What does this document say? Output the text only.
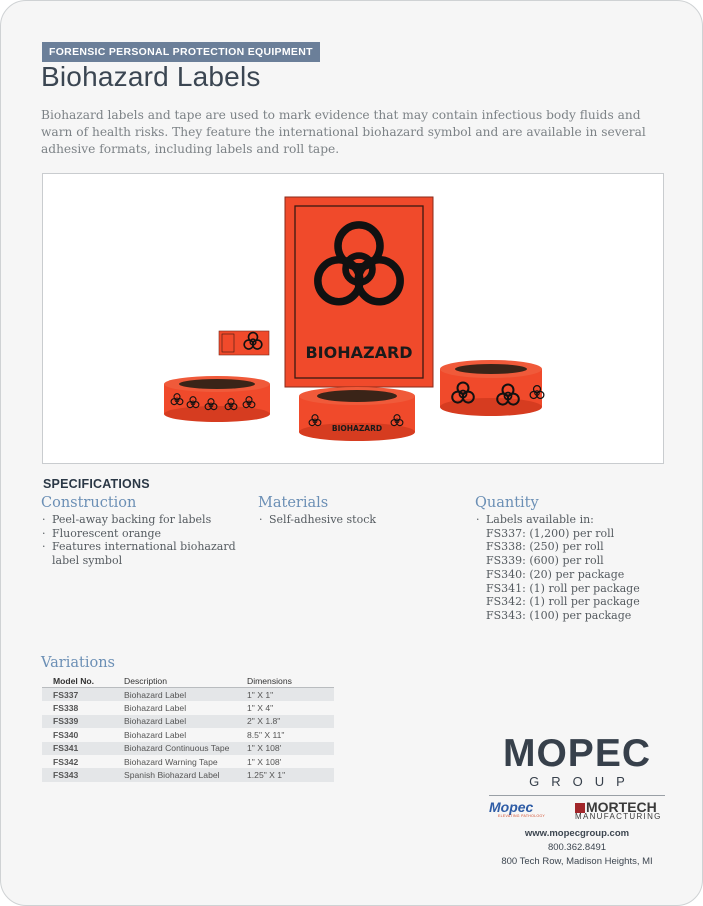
FORENSIC PERSONAL PROTECTION EQUIPMENT
Biohazard Labels
Biohazard labels and tape are used to mark evidence that may contain infectious body fluids and warn of health risks. They feature the international biohazard symbol and are available in several adhesive formats, including labels and roll tape.
BIOHAZARD
BIOHAZARD
SPECIFICATIONS
Construction
· Peel-away backing for labels
· Fluorescent orange
· Features international biohazard
label symbol
Materials
· Self-adhesive stock
Quantity
· Labels available in:
FS337: (1,200) per roll
FS338: (250) per roll
FS339: (600) per roll
FS340: (20) per package
FS341: (1) roll per package
FS342: (1) roll per package
FS343: (100) per package
Variations
Model No.	Description	Dimensions
FS337	Biohazard Label	1" X 1"
FS338	Biohazard Label	1" X 4"
FS339	Biohazard Label	2" X 1.8"
FS340	Biohazard Label	8.5" X 11"
FS341	Biohazard Continuous Tape	1" X 108'
FS342	Biohazard Warning Tape	1" X 108'
FS343	Spanish Biohazard Label	1.25" X 1"
MOPEC
GROUP
Mopec
ELEVATING PATHOLOGY
MORTECH
MANUFACTURING
www.mopecgroup.com
800.362.8491
800 Tech Row, Madison Heights, MI
